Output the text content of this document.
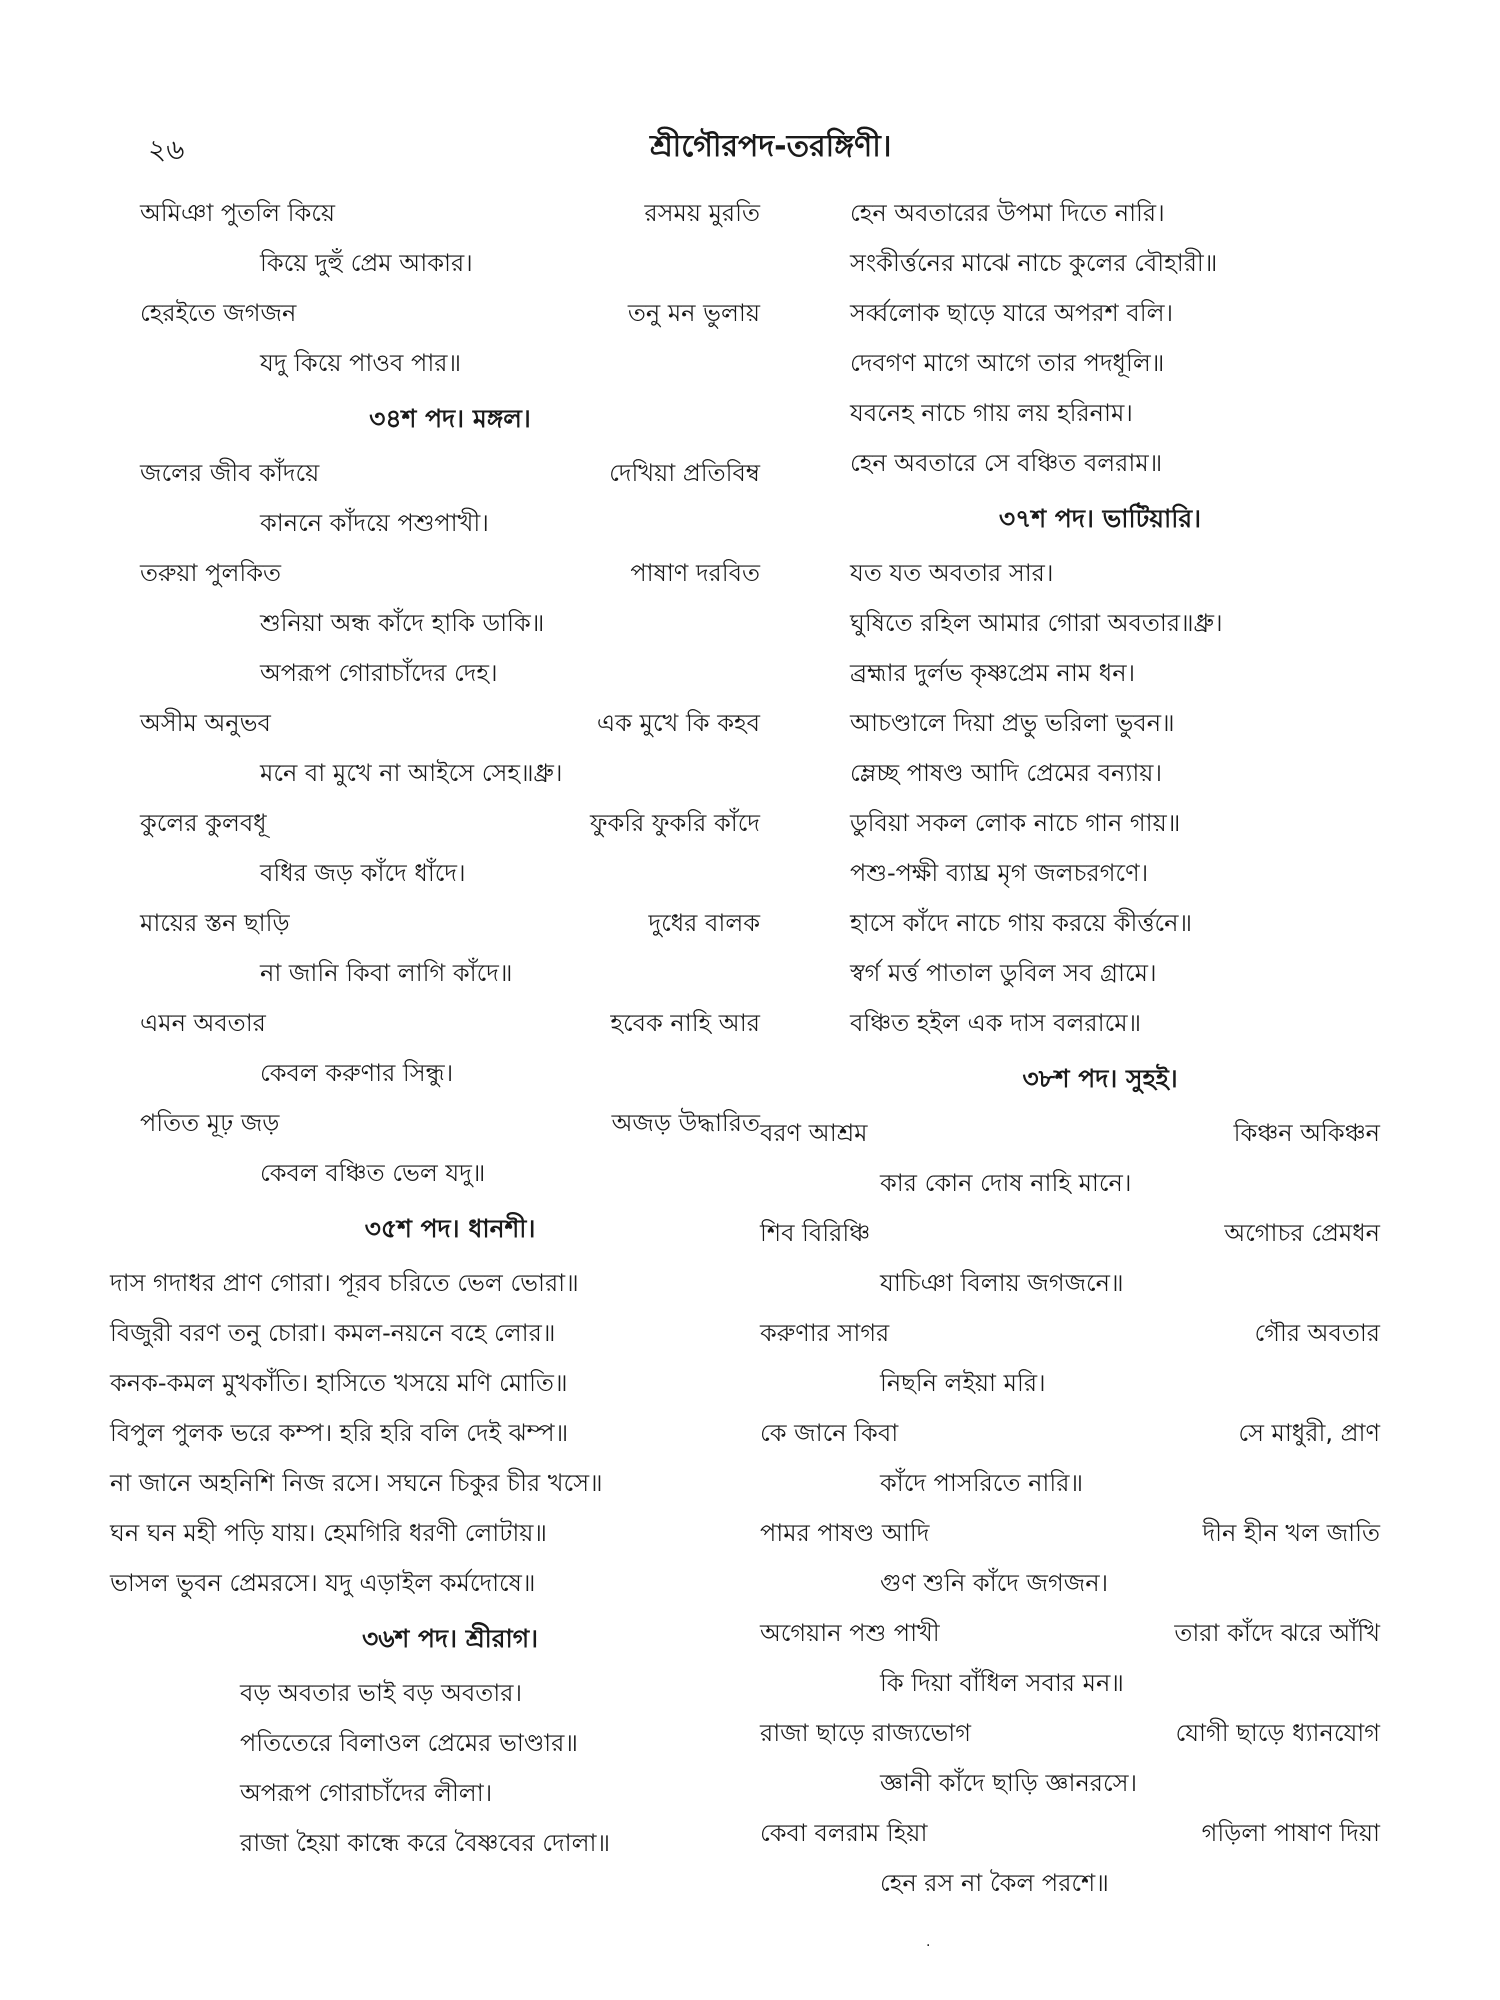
২৬	শ্রীগৌরপদ-তরঙ্গিণী।
অমিঞা পুতলি কিয়ে	রসময় মুরতি
কিয়ে দুহুঁ প্রেম আকার।
হেরইতে জগজন	তনু মন ভুলায়
যদু কিয়ে পাওব পার॥
৩৪শ পদ। মঙ্গল।
জলের জীব কাঁদয়ে	দেখিয়া প্রতিবিম্ব
কাননে কাঁদয়ে পশুপাখী।
তরুয়া পুলকিত	পাষাণ দরবিত
শুনিয়া অন্ধ কাঁদে হাকি ডাকি॥
অপরূপ গোরাচাঁদের দেহ।
অসীম অনুভব	এক মুখে কি কহব
মনে বা মুখে না আইসে সেহ॥ধ্রু।
কুলের কুলবধূ	ফুকরি ফুকরি কাঁদে
বধির জড় কাঁদে ধাঁদে।
মায়ের স্তন ছাড়ি	দুধের বালক
না জানি কিবা লাগি কাঁদে॥
এমন অবতার	হবেক নাহি আর
কেবল করুণার সিন্ধু।
পতিত মূঢ় জড়	অজড় উদ্ধারিত
কেবল বঞ্চিত ভেল যদু॥
৩৫শ পদ। ধানশী।
দাস গদাধর প্রাণ গোরা। পূরব চরিতে ভেল ভোরা॥
বিজুরী বরণ তনু চোরা। কমল-নয়নে বহে লোর॥
কনক-কমল মুখকাঁতি। হাসিতে খসয়ে মণি মোতি॥
বিপুল পুলক ভরে কম্প। হরি হরি বলি দেই ঝম্প॥
না জানে অহনিশি নিজ রসে। সঘনে চিকুর চীর খসে॥
ঘন ঘন মহী পড়ি যায়। হেমগিরি ধরণী লোটায়॥
ভাসল ভুবন প্রেমরসে। যদু এড়াইল কর্মদোষে॥
৩৬শ পদ। শ্রীরাগ।
বড় অবতার ভাই বড় অবতার।
পতিতেরে বিলাওল প্রেমের ভাণ্ডার॥
অপরূপ গোরাচাঁদের লীলা।
রাজা হৈয়া কান্ধে করে বৈষ্ণবের দোলা॥
হেন অবতারের উপমা দিতে নারি।
সংকীর্ত্তনের মাঝে নাচে কুলের বৌহারী॥
সর্ব্বলোক ছাড়ে যারে অপরশ বলি।
দেবগণ মাগে আগে তার পদধূলি॥
যবনেহ নাচে গায় লয় হরিনাম।
হেন অবতারে সে বঞ্চিত বলরাম॥
৩৭শ পদ। ভাটিয়ারি।
যত যত অবতার সার।
ঘুষিতে রহিল আমার গোরা অবতার॥ধ্রু।
ব্রহ্মার দুর্লভ কৃষ্ণপ্রেম নাম ধন।
আচণ্ডালে দিয়া প্রভু ভরিলা ভুবন॥
ম্লেচ্ছ পাষণ্ড আদি প্রেমের বন্যায়।
ডুবিয়া সকল লোক নাচে গান গায়॥
পশু-পক্ষী ব্যাঘ্র মৃগ জলচরগণে।
হাসে কাঁদে নাচে গায় করয়ে কীর্ত্তনে॥
স্বর্গ মর্ত্ত পাতাল ডুবিল সব গ্রামে।
বঞ্চিত হইল এক দাস বলরামে॥
৩৮শ পদ। সুহই।
বরণ আশ্রম	কিঞ্চন অকিঞ্চন
কার কোন দোষ নাহি মানে।
শিব বিরিঞ্চি	অগোচর প্রেমধন
যাচিঞা বিলায় জগজনে॥
করুণার সাগর	গৌর অবতার
নিছনি লইয়া মরি।
কে জানে কিবা	সে মাধুরী, প্রাণ
কাঁদে পাসরিতে নারি॥
পামর পাষণ্ড আদি	দীন হীন খল জাতি
গুণ শুনি কাঁদে জগজন।
অগেয়ান পশু পাখী	তারা কাঁদে ঝরে আঁখি
কি দিয়া বাঁধিল সবার মন॥
রাজা ছাড়ে রাজ্যভোগ	যোগী ছাড়ে ধ্যানযোগ
জ্ঞানী কাঁদে ছাড়ি জ্ঞানরসে।
কেবা বলরাম হিয়া	গড়িলা পাষাণ দিয়া
হেন রস না কৈল পরশে॥
·
